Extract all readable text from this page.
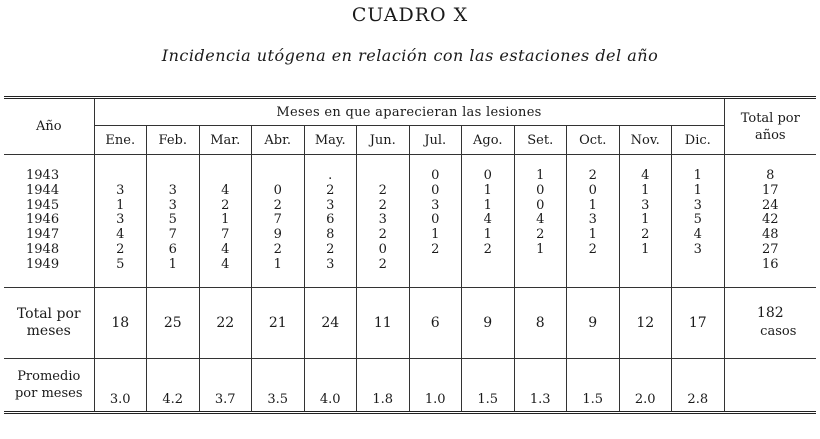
CUADRO X
Incidencia utógena en relación con las estaciones del año
Año	Meses en que aparecieran las lesiones												Total por
años
	Ene.	Feb.	Mar.	Abr.	May.	Jun.	Jul.	Ago.	Set.	Oct.	Nov.	Dic.	

1943					.		0	0	1	2	4	1	8
1944	3	3	4	0	2	2	0	1	0	0	1	1	17
1945	1	3	2	2	3	2	3	1	0	1	3	3	24
1946	3	5	1	7	6	3	0	4	4	3	1	5	42
1947	4	7	7	9	8	2	1	1	2	1	2	4	48
1948	2	6	4	2	2	0	2	2	1	2	1	3	27
1949	5	1	4	1	3	2							16

Total por
meses	18	25	22	21	24	11	6	9	8	9	12	17	182
casos
Promedio
por meses	3.0	4.2	3.7	3.5	4.0	1.8	1.0	1.5	1.3	1.5	2.0	2.8	
